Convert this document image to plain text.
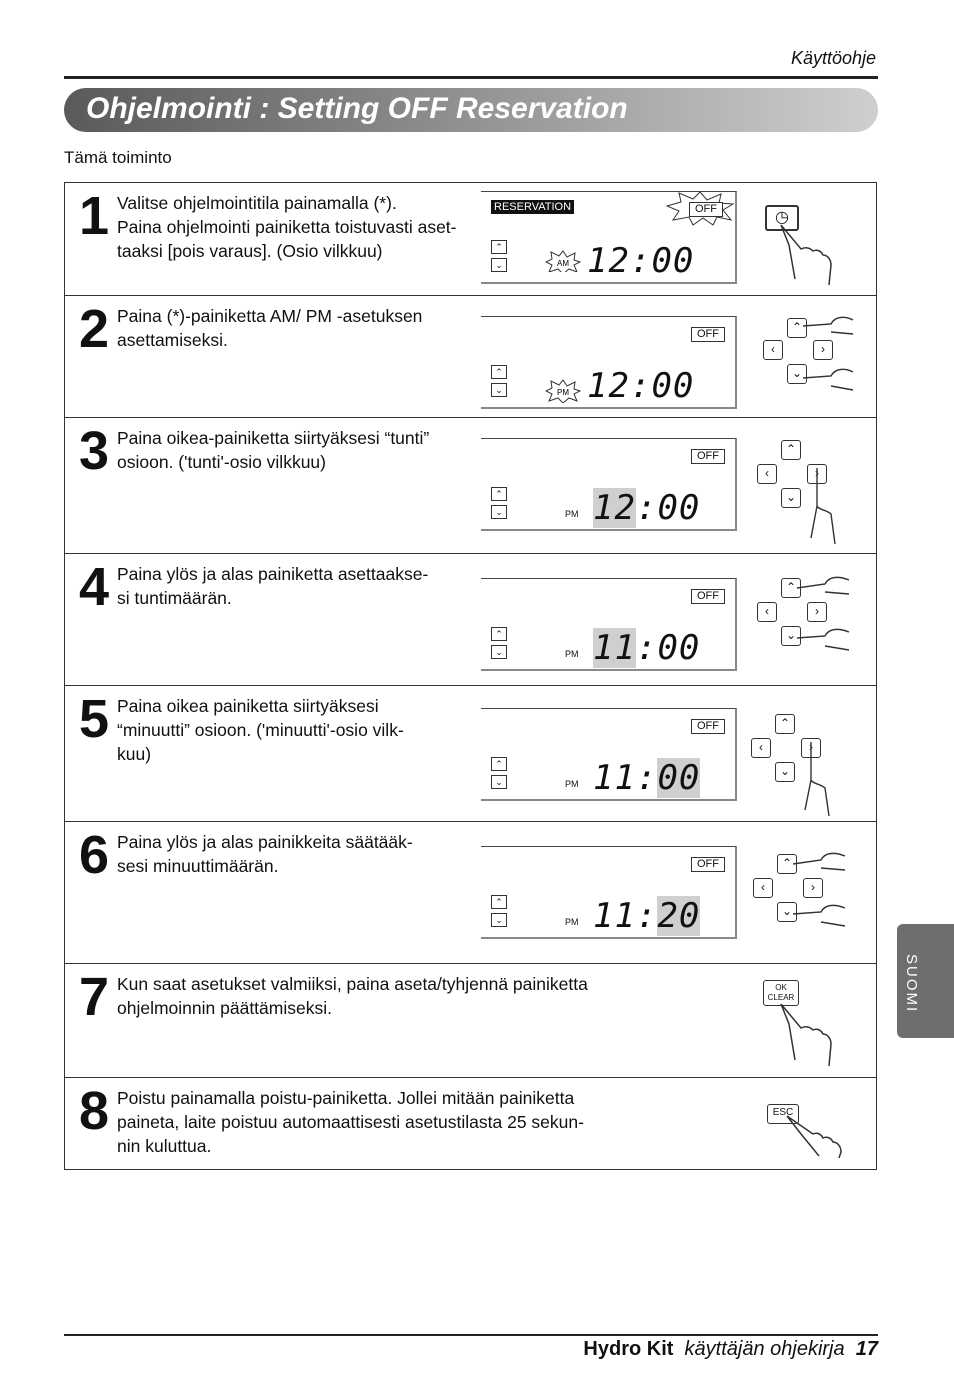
Käyttöohje
Ohjelmointi : Setting OFF Reservation
Tämä toiminto
1 Valitse ohjelmointitila painamalla (*).
Paina ohjelmointi painiketta toistuvasti aset-
taaksi [pois varaus]. (Osio vilkkuu)
RESERVATION	OFF
⌃
⌄	AM 12:00
◷
2 Paina (*)-painiketta AM/ PM -asetuksen
asettamiseksi.	OFF
⌃
⌄	PM 12:00
⌃
‹	›
⌄
3 Paina oikea-painiketta siirtyäksesi “tunti”
osioon. ('tunti'-osio vilkkuu)	OFF
⌃
⌄	PM 12:00
⌃
‹	›
⌄
4 Paina ylös ja alas painiketta asettaakse-
si tuntimäärän.	OFF
⌃
⌄	PM 11:00
⌃
‹	›
⌄
5 Paina oikea painiketta siirtyäksesi
“minuutti” osioon. ('minuutti'-osio vilk-
kuu)
OFF
⌃
⌄	PM 11:00
⌃
‹	›
⌄
6 Paina ylös ja alas painikkeita säätääk-
sesi minuuttimäärän.	OFF
⌃
⌄	PM 11:20
⌃
‹	›
⌄
7 Kun saat asetukset valmiiksi, paina aseta/tyhjennä painiketta
ohjelmoinnin päättämiseksi.
OK
CLEAR
8 Poistu painamalla poistu-painiketta. Jollei mitään painiketta
paineta, laite poistuu automaattisesti asetustilasta 25 sekun-
nin kuluttua.
ESC
SUOMI
Hydro Kit käyttäjän ohjekirja 17
